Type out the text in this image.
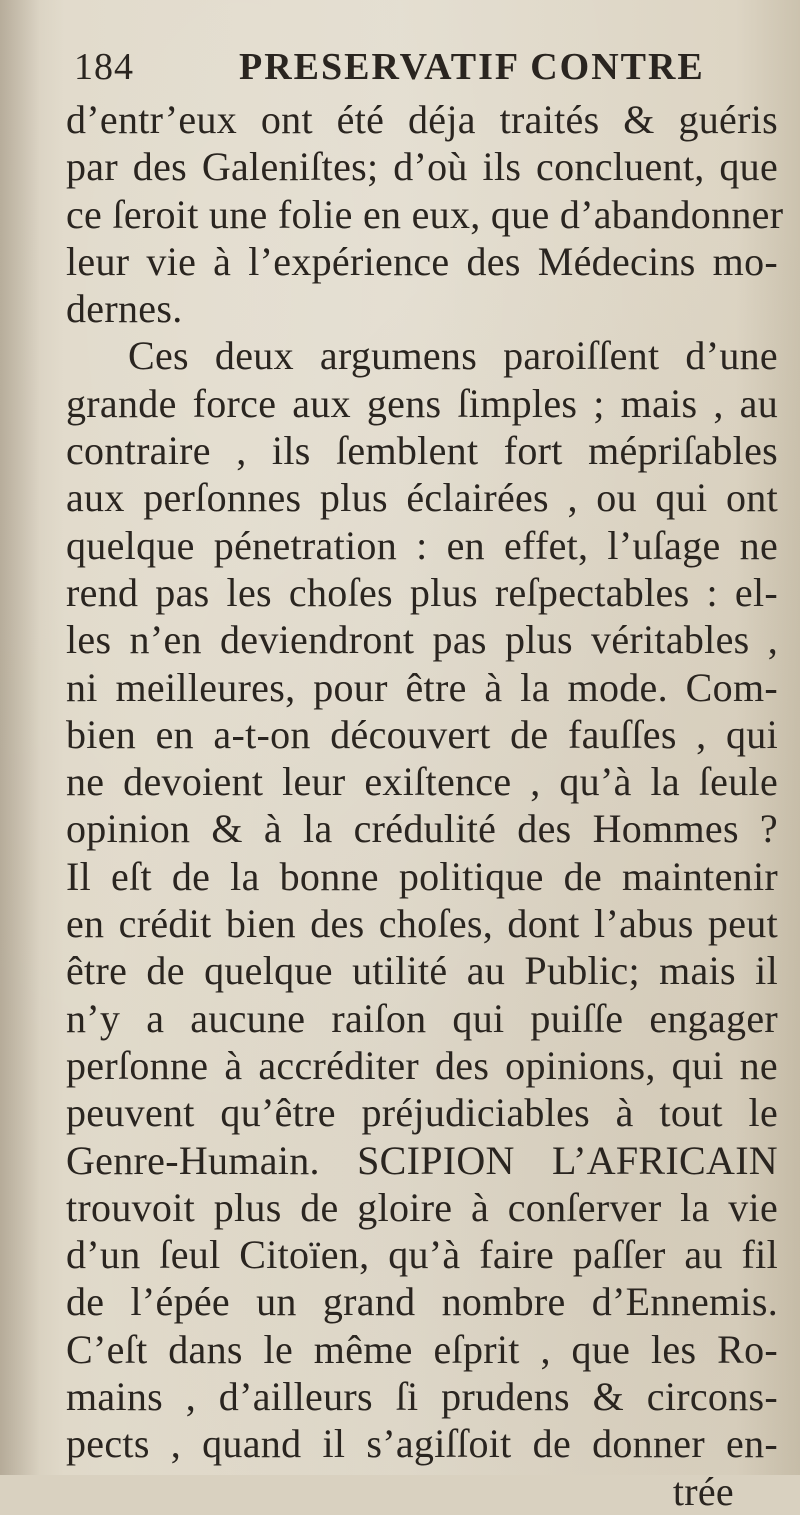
184	PRESERVATIF CONTRE
d’entr’eux ont été déja traités & guéris
par des Galeniſtes; d’où ils concluent, que
ce ſeroit une folie en eux, que d’abandonner
leur vie à l’expérience des Médecins mo-
dernes.
Ces deux argumens paroiſſent d’une
grande force aux gens ſimples ; mais , au
contraire , ils ſemblent fort mépriſables
aux perſonnes plus éclairées , ou qui ont
quelque pénetration : en effet, l’uſage ne
rend pas les choſes plus reſpectables : el-
les n’en deviendront pas plus véritables ,
ni meilleures, pour être à la mode. Com-
bien en a-t-on découvert de fauſſes , qui
ne devoient leur exiſtence , qu’à la ſeule
opinion & à la crédulité des Hommes ?
Il eſt de la bonne politique de maintenir
en crédit bien des choſes, dont l’abus peut
être de quelque utilité au Public; mais il
n’y a aucune raiſon qui puiſſe engager
perſonne à accréditer des opinions, qui ne
peuvent qu’être préjudiciables à tout le
Genre-Humain. SCIPION L’AFRICAIN
trouvoit plus de gloire à conſerver la vie
d’un ſeul Citoïen, qu’à faire paſſer au fil
de l’épée un grand nombre d’Ennemis.
C’eſt dans le même eſprit , que les Ro-
mains , d’ailleurs ſi prudens & circons-
pects , quand il s’agiſſoit de donner en-
trée
